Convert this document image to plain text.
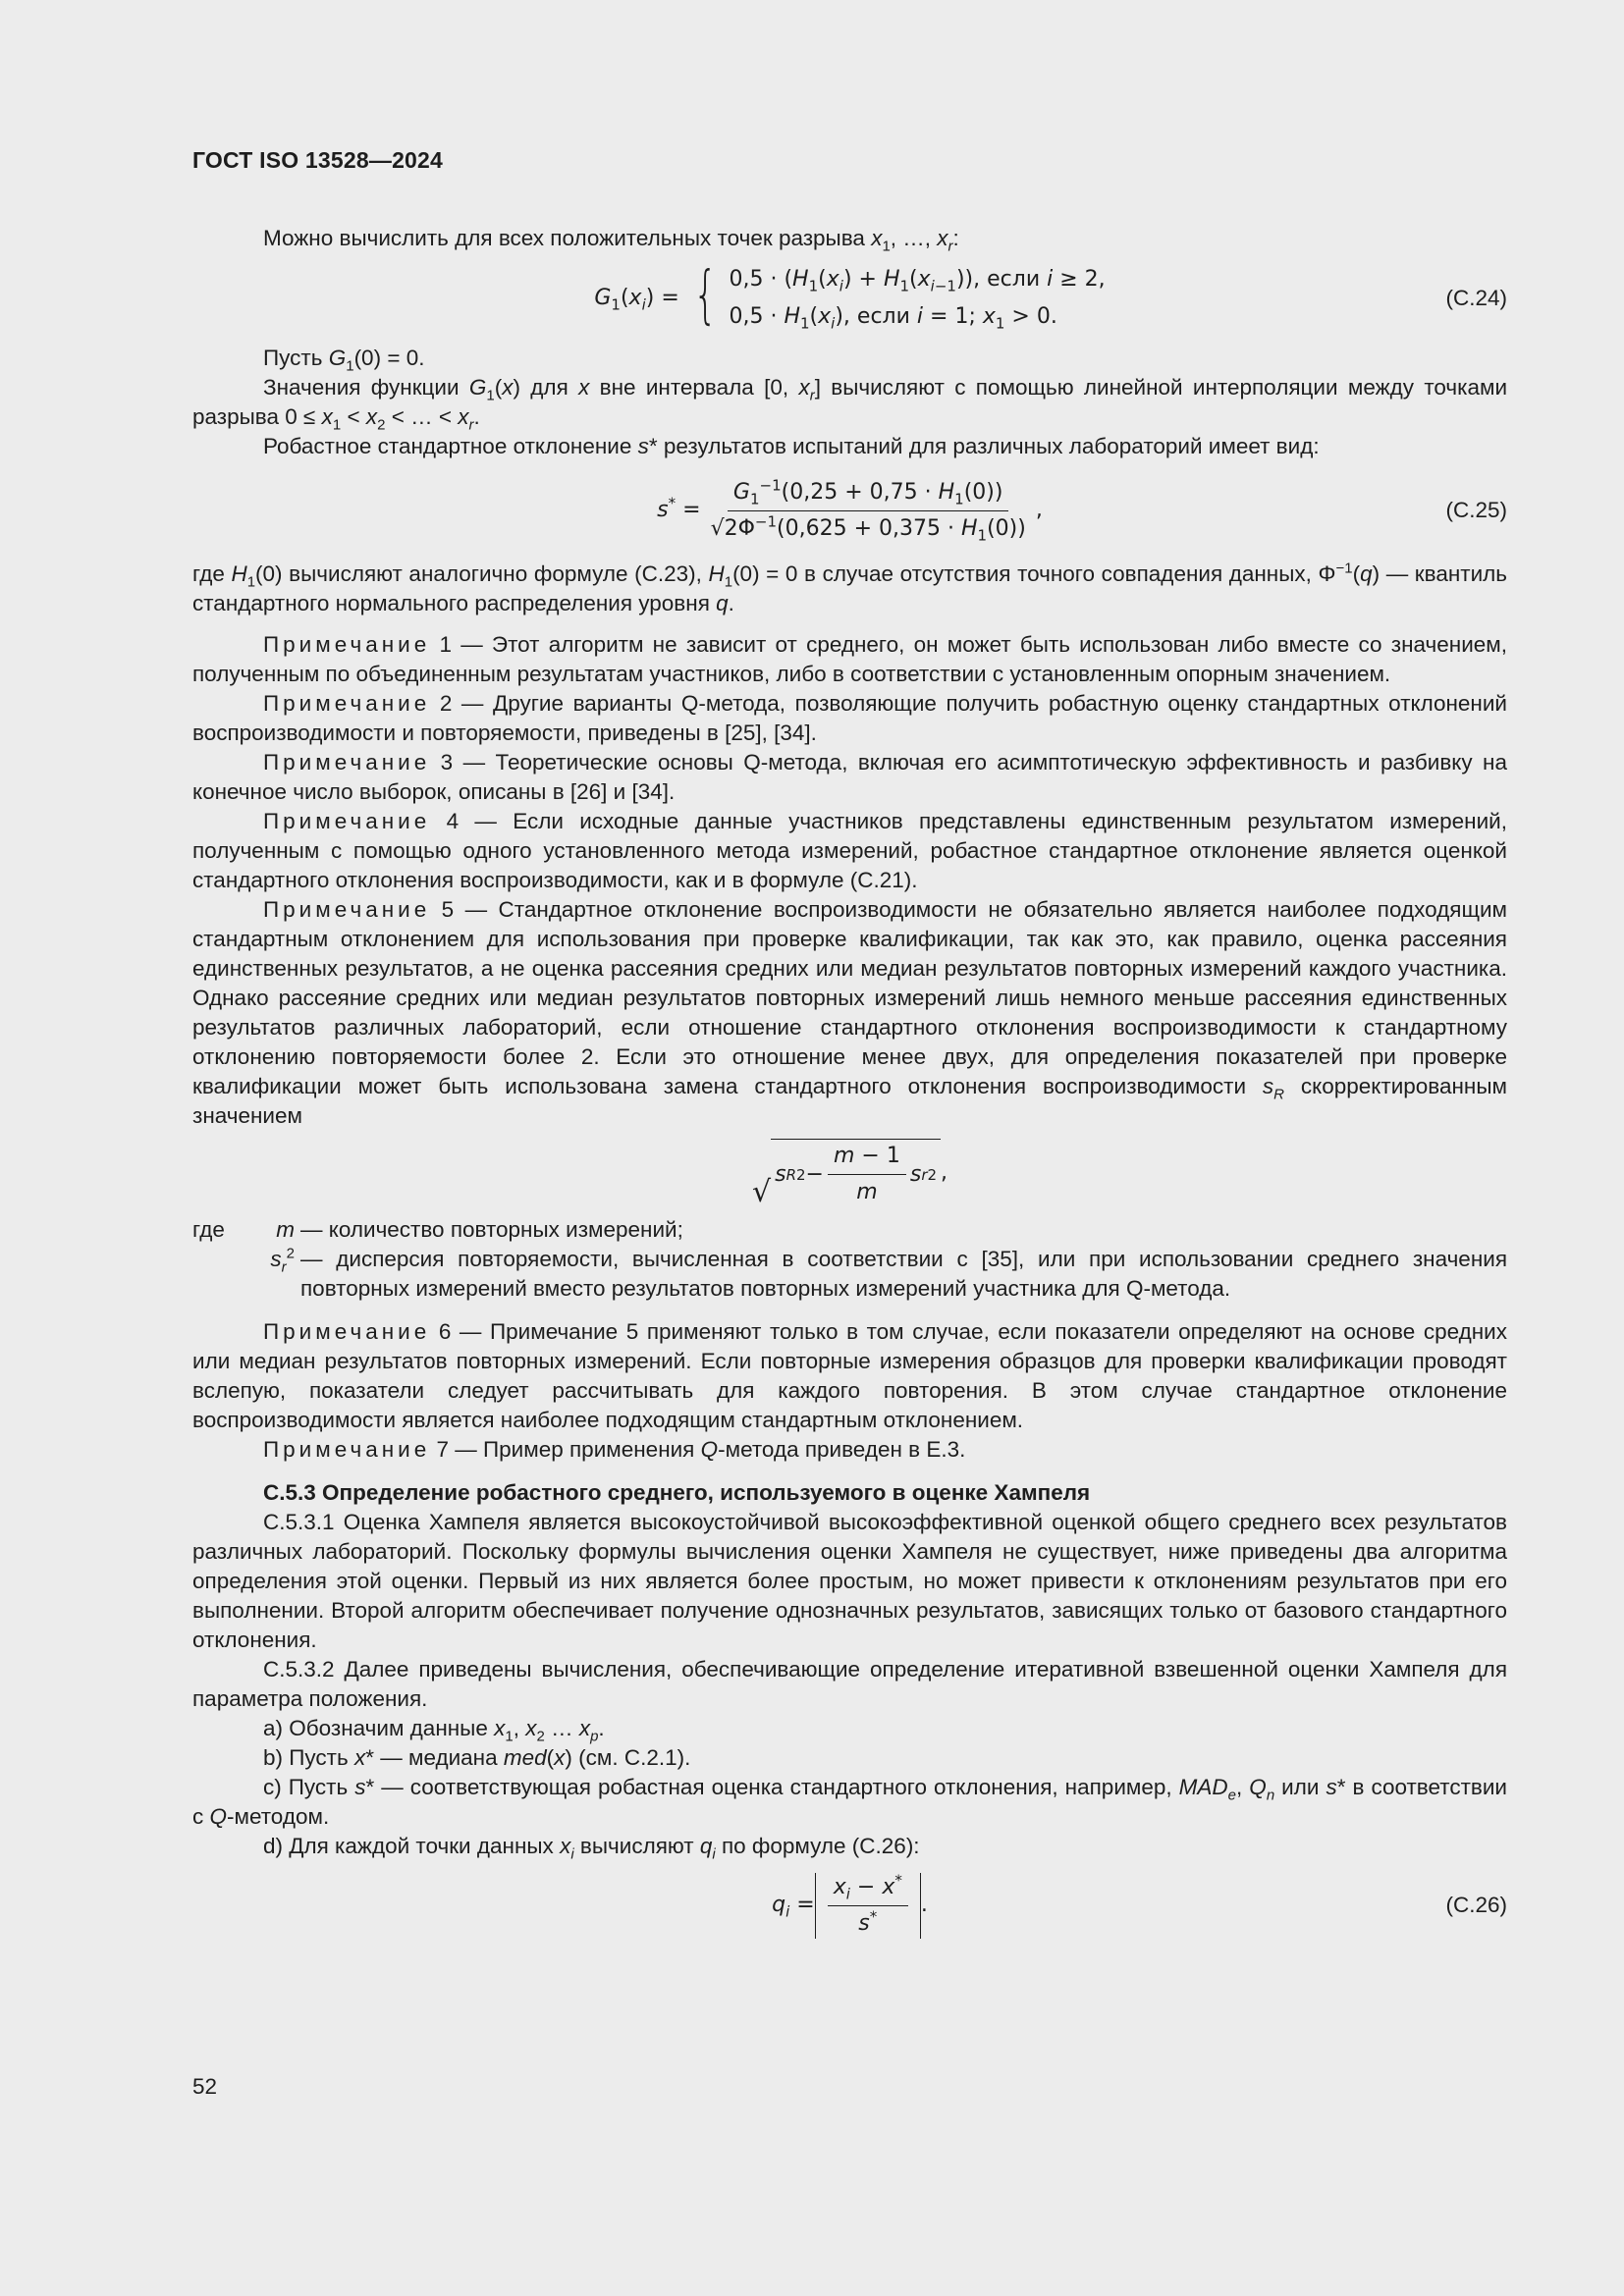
ГОСТ ISO 13528—2024

Можно вычислить для всех положительных точек разрыва $x_1$, …, $x_r$:

$G_1(x_i)$ = { $0,5 \cdot (H_1(x_i) + H_1(x_{i-1}))$, если i ≥ 2,
$0,5 \cdot H_1(x_i)$, если i = 1; $x_1 > 0$.
(С.24)

Пусть $G_1(0) = 0$.

Значения функции $G_1(x)$ для x вне интервала [0, $x_r$] вычисляют с помощью линейной интерполяции между точками разрыва $0 \le x_1 < x_2$ < … < $x_r$.

Робастное стандартное отклонение s* результатов испытаний для различных лабораторий имеет вид:

$s^* = \frac{G_1^{-1}(0,25 + 0,75 \cdot H_1(0))}{√2\Phi^{-1}(0,625 + 0,375 \cdot H_1(0))}$ ,	(С.25)

где $H_1(0)$ вычисляют аналогично формуле (С.23), $H_1(0) = 0$ в случае отсутствия точного совпадения данных, $\Phi^{-1}(q)$ — квантиль стандартного нормального распределения уровня q.

Примечание 1 — Этот алгоритм не зависит от среднего, он может быть использован либо вместе со значением, полученным по объединенным результатам участников, либо в соответствии с установленным опорным значением.

Примечание 2 — Другие варианты Q-метода, позволяющие получить робастную оценку стандартных отклонений воспроизводимости и повторяемости, приведены в [25], [34].

Примечание 3 — Теоретические основы Q-метода, включая его асимптотическую эффективность и разбивку на конечное число выборок, описаны в [26] и [34].

Примечание 4 — Если исходные данные участников представлены единственным результатом измерений, полученным с помощью одного установленного метода измерений, робастное стандартное отклонение является оценкой стандартного отклонения воспроизводимости, как и в формуле (С.21).

Примечание 5 — Стандартное отклонение воспроизводимости не обязательно является наиболее подходящим стандартным отклонением для использования при проверке квалификации, так как это, как правило, оценка рассеяния единственных результатов, а не оценка рассеяния средних или медиан результатов повторных измерений каждого участника. Однако рассеяние средних или медиан результатов повторных измерений лишь немного меньше рассеяния единственных результатов различных лабораторий, если отношение стандартного отклонения воспроизводимости к стандартному отклонению повторяемости более 2. Если это отношение менее двух, для определения показателей при проверке квалификации может быть использована замена стандартного отклонения воспроизводимости $s_R$ скорректированным значением

√
s R $2 - \frac{m - 1}{m}$ s r 2 ,
где	m — количество повторных измерений;
$s_r^2$ — дисперсия повторяемости, вычисленная в соответствии с [35], или при использовании среднего значения повторных измерений вместо результатов повторных измерений участника для Q-метода.

Примечание 6 — Примечание 5 применяют только в том случае, если показатели определяют на основе средних или медиан результатов повторных измерений. Если повторные измерения образцов для проверки квалификации проводят вслепую, показатели следует рассчитывать для каждого повторения. В этом случае стандартное отклонение воспроизводимости является наиболее подходящим стандартным отклонением.

Примечание 7 — Пример применения Q-метода приведен в Е.3.

С.5.3 Определение робастного среднего, используемого в оценке Хампеля

С.5.3.1 Оценка Хампеля является высокоустойчивой высокоэффективной оценкой общего среднего всех результатов различных лабораторий. Поскольку формулы вычисления оценки Хампеля не существует, ниже приведены два алгоритма определения этой оценки. Первый из них является более простым, но может привести к отклонениям результатов при его выполнении. Второй алгоритм обеспечивает получение однозначных результатов, зависящих только от базового стандартного отклонения.

С.5.3.2 Далее приведены вычисления, обеспечивающие определение итеративной взвешенной оценки Хампеля для параметра положения.

a) Обозначим данные $x_1$, $x_2$ … $x_p$.

b) Пусть x* — медиана med(x) (см. С.2.1).

c) Пусть s* — соответствующая робастная оценка стандартного отклонения, например, $MAD_e$, $Q_n$ или s* в соответствии с Q-методом.

d) Для каждой точки данных $x_i$ вычисляют $q_i$ по формуле (С.26):

$q_i = \frac{x_i - x^*}{s^*}$ .	(С.26)
52
